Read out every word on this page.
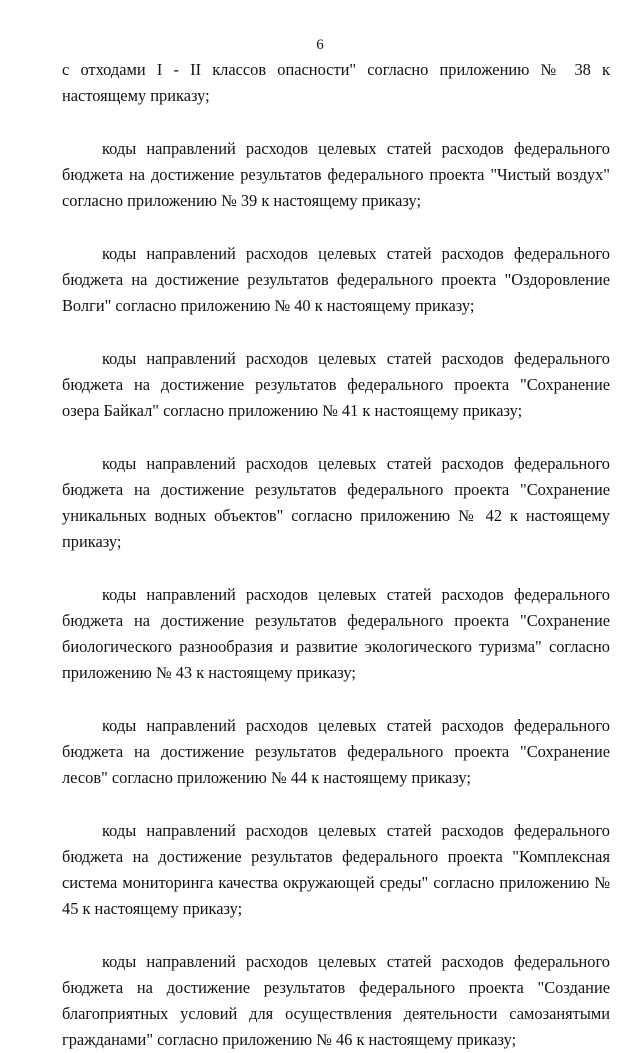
6

с отходами I - II классов опасности" согласно приложению № 38 к настоящему приказу;

коды направлений расходов целевых статей расходов федерального бюджета на достижение результатов федерального проекта "Чистый воздух" согласно приложению № 39 к настоящему приказу;

коды направлений расходов целевых статей расходов федерального бюджета на достижение результатов федерального проекта "Оздоровление Волги" согласно приложению № 40 к настоящему приказу;

коды направлений расходов целевых статей расходов федерального бюджета на достижение результатов федерального проекта "Сохранение озера Байкал" согласно приложению № 41 к настоящему приказу;

коды направлений расходов целевых статей расходов федерального бюджета на достижение результатов федерального проекта "Сохранение уникальных водных объектов" согласно приложению № 42 к настоящему приказу;

коды направлений расходов целевых статей расходов федерального бюджета на достижение результатов федерального проекта "Сохранение биологического разнообразия и развитие экологического туризма" согласно приложению № 43 к настоящему приказу;

коды направлений расходов целевых статей расходов федерального бюджета на достижение результатов федерального проекта "Сохранение лесов" согласно приложению № 44 к настоящему приказу;

коды направлений расходов целевых статей расходов федерального бюджета на достижение результатов федерального проекта "Комплексная система мониторинга качества окружающей среды" согласно приложению № 45 к настоящему приказу;

коды направлений расходов целевых статей расходов федерального бюджета на достижение результатов федерального проекта "Создание благоприятных условий для осуществления деятельности самозанятыми гражданами" согласно приложению № 46 к настоящему приказу;
